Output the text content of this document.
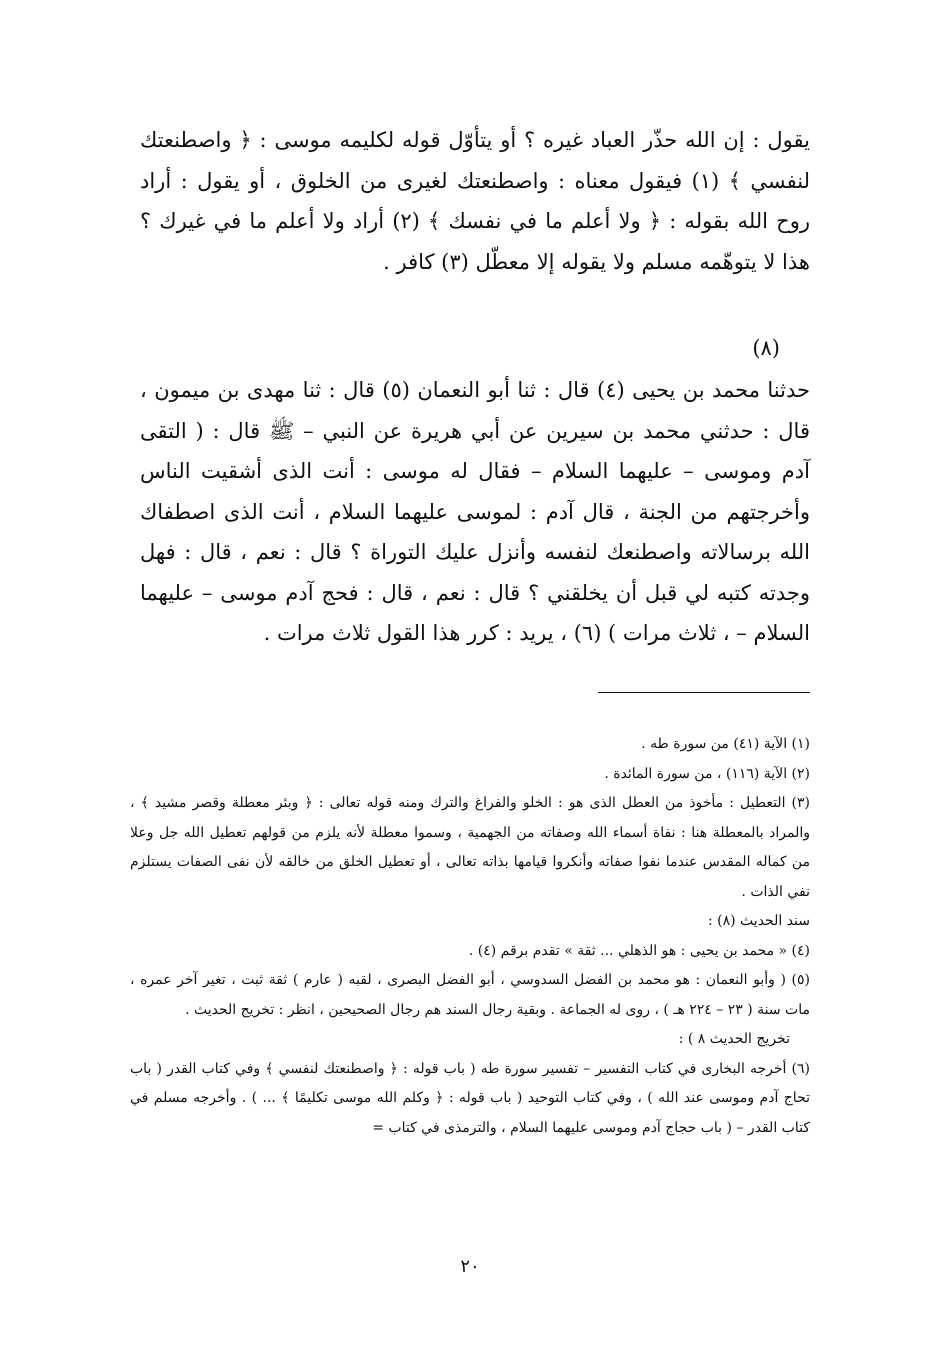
يقول : إن الله حذّر العباد غيره ؟ أو يتأوّل قوله لكليمه موسى : ﴿ واصطنعتك لنفسي ﴾ (١) فيقول معناه : واصطنعتك لغيرى من الخلوق ، أو يقول : أراد روح الله بقوله : ﴿ ولا أعلم ما في نفسك ﴾ (٢) أراد ولا أعلم ما في غيرك ؟ هذا لا يتوهّمه مسلم ولا يقوله إلا معطّل (٣) كافر .

(٨)

حدثنا محمد بن يحيى (٤) قال : ثنا أبو النعمان (٥) قال : ثنا مهدى بن ميمون ، قال : حدثني محمد بن سيرين عن أبي هريرة عن النبي – ﷺ قال : ( التقى آدم وموسى – عليهما السلام – فقال له موسى : أنت الذى أشقيت الناس وأخرجتهم من الجنة ، قال آدم : لموسى عليهما السلام ، أنت الذى اصطفاك الله برسالاته واصطنعك لنفسه وأنزل عليك التوراة ؟ قال : نعم ، قال : فهل وجدته كتبه لي قبل أن يخلقني ؟ قال : نعم ، قال : فحج آدم موسى – عليهما السلام – ، ثلاث مرات ) (٦) ، يريد : كرر هذا القول ثلاث مرات .

(١) الآية (٤١) من سورة طه .

(٢) الآية (١١٦) ، من سورة المائدة .

(٣) التعطيل : مأخوذ من العطل الذى هو : الخلو والفراغ والترك ومنه قوله تعالى : ﴿ وبئر معطلة وقصر مشيد ﴾ ، والمراد بالمعطلة هنا : نفاة أسماء الله وصفاته من الجهمية ، وسموا معطلة لأنه يلزم من قولهم تعطيل الله جل وعلا من كماله المقدس عندما نفوا صفاته وأنكروا قيامها بذاته تعالى ، أو تعطيل الخلق من خالقه لأن نفى الصفات يستلزم نفي الذات .

سند الحديث (٨) :

(٤) « محمد بن يحيى : هو الذهلي ... ثقة » تقدم برقم (٤) .

(٥) ( وأبو النعمان : هو محمد بن الفضل السدوسي ، أبو الفضل البصرى ، لقبه ( عارم ) ثقة ثبت ، تغير آخر عمره ، مات سنة ( ٢٣ – ٢٢٤ هـ ) ، روى له الجماعة . وبقية رجال السند هم رجال الصحيحين ، انظر : تخريج الحديث .

تخريج الحديث ٨ ) :

(٦) أخرجه البخارى في كتاب التفسير – تفسير سورة طه ( باب قوله : ﴿ واصطنعتك لنفسي ﴾ وفي كتاب القدر ( باب تحاج آدم وموسى عند الله ) ، وفي كتاب التوحيد ( باب قوله : ﴿ وكلم الله موسى تكليمًا ﴾ ... ) . وأخرجه مسلم في كتاب القدر – ( باب حجاج آدم وموسى عليهما السلام ، والترمذى في كتاب =

٢٠
